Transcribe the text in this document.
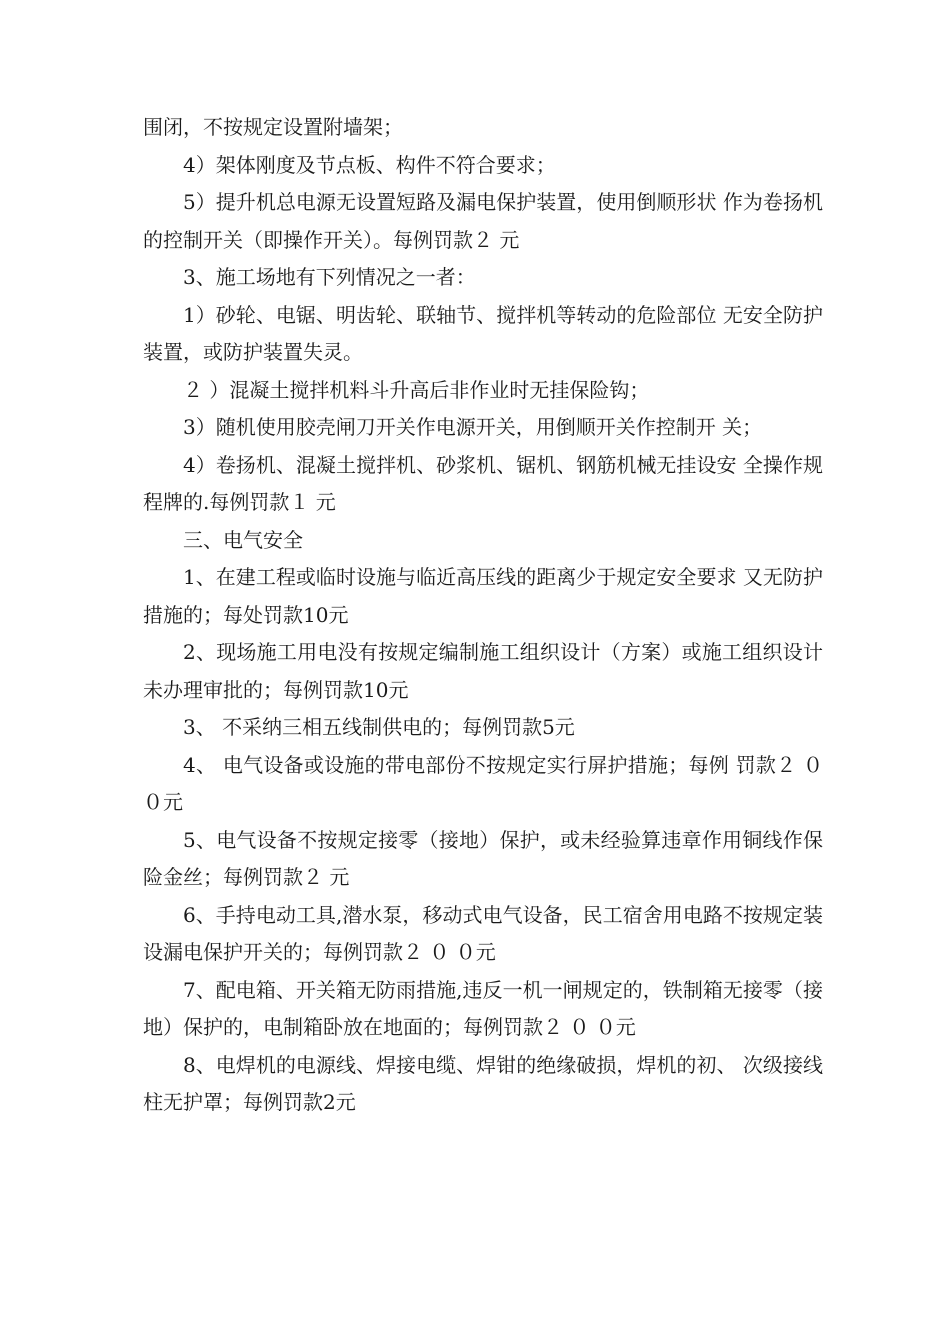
围闭，不按规定设置附墙架；

4）架体刚度及节点板、构件不符合要求；

5）提升机总电源无设置短路及漏电保护装置，使用倒顺形状 作为卷扬机的控制开关（即操作开关）。每例罚款２ 元

3、施工场地有下列情况之一者：

1）砂轮、电锯、明齿轮、联轴节、搅拌机等转动的危险部位 无安全防护装置，或防护装置失灵。

２ ）混凝土搅拌机料斗升高后非作业时无挂保险钩；

3）随机使用胶壳闸刀开关作电源开关，用倒顺开关作控制开 关；

4）卷扬机、混凝土搅拌机、砂浆机、锯机、钢筋机械无挂设安 全操作规程牌的.每例罚款１ 元

三、电气安全

1、在建工程或临时设施与临近高压线的距离少于规定安全要求 又无防护措施的；每处罚款10元

2、现场施工用电没有按规定编制施工组织设计（方案）或施工组织设计未办理审批的；每例罚款10元

3、 不采纳三相五线制供电的；每例罚款5元

4、 电气设备或设施的带电部份不按规定实行屏护措施；每例 罚款２ ０ ０元

5、电气设备不按规定接零（接地）保护，或未经验算违章作用铜线作保险金丝；每例罚款２ 元

6、手持电动工具,潜水泵，移动式电气设备，民工宿舍用电路不按规定装设漏电保护开关的；每例罚款２ ０ ０元

7、配电箱、开关箱无防雨措施,违反一机一闸规定的，铁制箱无接零（接地）保护的，电制箱卧放在地面的；每例罚款２ ０ ０元

8、电焊机的电源线、焊接电缆、焊钳的绝缘破损，焊机的初、 次级接线柱无护罩；每例罚款2元
